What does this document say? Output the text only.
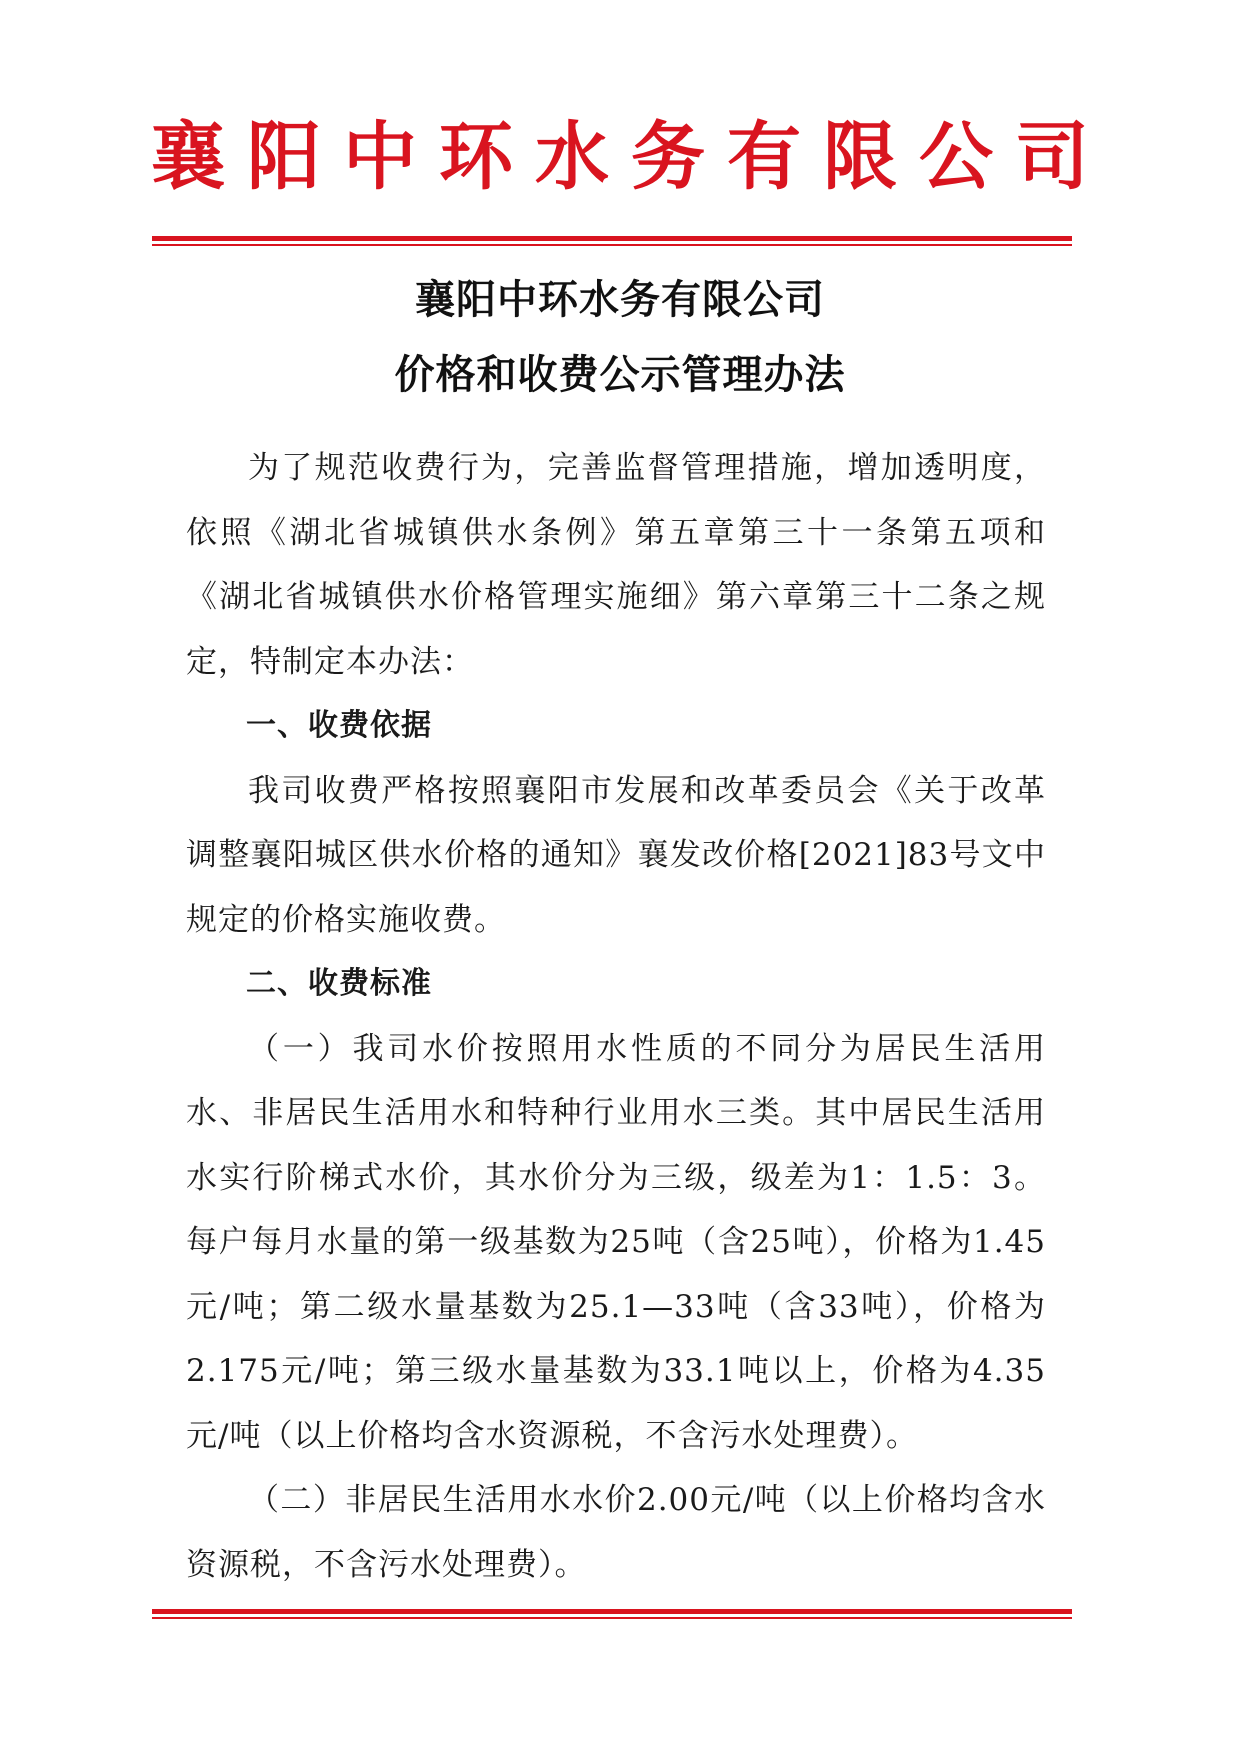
襄阳中环水务有限公司
襄阳中环水务有限公司
价格和收费公示管理办法

为了规范收费行为，完善监督管理措施，增加透明度，依照《湖北省城镇供水条例》第五章第三十一条第五项和《湖北省城镇供水价格管理实施细》第六章第三十二条之规定，特制定本办法：

一、收费依据

我司收费严格按照襄阳市发展和改革委员会《关于改革调整襄阳城区供水价格的通知》襄发改价格[2021]83号文中规定的价格实施收费。

二、收费标准

（一）我司水价按照用水性质的不同分为居民生活用水、非居民生活用水和特种行业用水三类。其中居民生活用水实行阶梯式水价，其水价分为三级，级差为1：1.5：3。每户每月水量的第一级基数为25吨（含25吨），价格为1.45元/吨；第二级水量基数为25.1—33吨（含33吨），价格为2.175元/吨；第三级水量基数为33.1吨以上，价格为4.35元/吨（以上价格均含水资源税，不含污水处理费）。

（二）非居民生活用水水价2.00元/吨（以上价格均含水资源税，不含污水处理费）。
